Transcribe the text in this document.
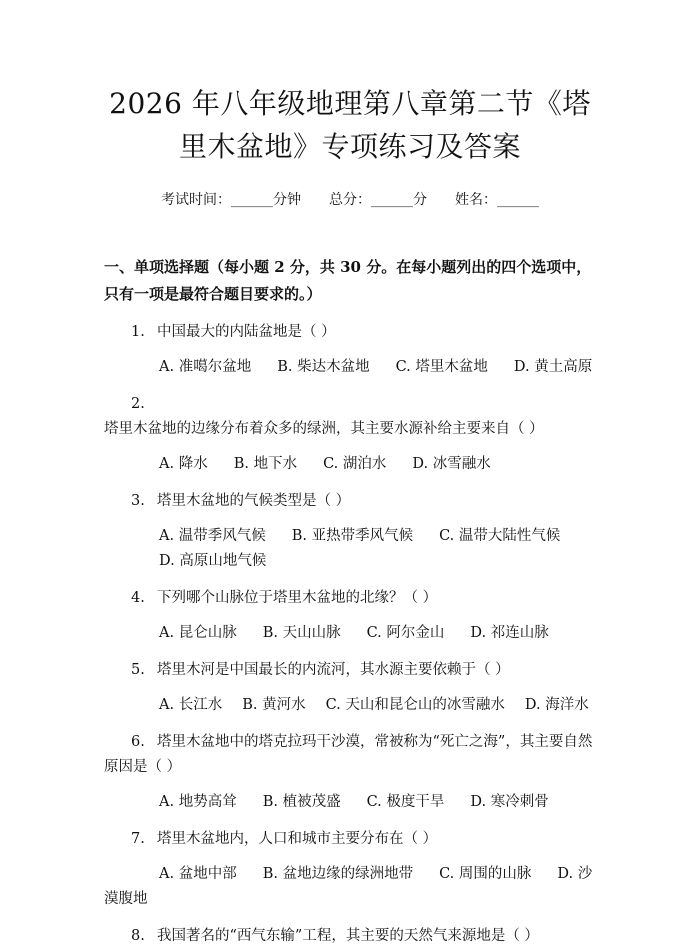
2026 年八年级地理第八章第二节《塔里木盆地》专项练习及答案
考试时间：______分钟 总分：______分 姓名：______
一、单项选择题（每小题 2 分，共 30 分。在每小题列出的四个选项中，只有一项是最符合题目要求的。）
1. 中国最大的内陆盆地是（ ）
A. 准噶尔盆地 B. 柴达木盆地 C. 塔里木盆地 D. 黄土高原
2.塔里木盆地的边缘分布着众多的绿洲，其主要水源补给主要来自（ ）
A. 降水 B. 地下水 C. 湖泊水 D. 冰雪融水
3. 塔里木盆地的气候类型是（ ）
A. 温带季风气候 B. 亚热带季风气候 C. 温带大陆性气候D. 高原山地气候
4. 下列哪个山脉位于塔里木盆地的北缘？（ ）
A. 昆仑山脉 B. 天山山脉 C. 阿尔金山 D. 祁连山脉
5. 塔里木河是中国最长的内流河，其水源主要依赖于（ ）
A. 长江水 B. 黄河水 C. 天山和昆仑山的冰雪融水 D. 海洋水
6. 塔里木盆地中的塔克拉玛干沙漠，常被称为“死亡之海”，其主要自然原因是（ ）
A. 地势高耸 B. 植被茂盛 C. 极度干旱 D. 寒冷刺骨
7. 塔里木盆地内，人口和城市主要分布在（ ）
A. 盆地中部 B. 盆地边缘的绿洲地带 C. 周围的山脉 D. 沙漠腹地
8. 我国著名的“西气东输”工程，其主要的天然气来源地是（ ）
